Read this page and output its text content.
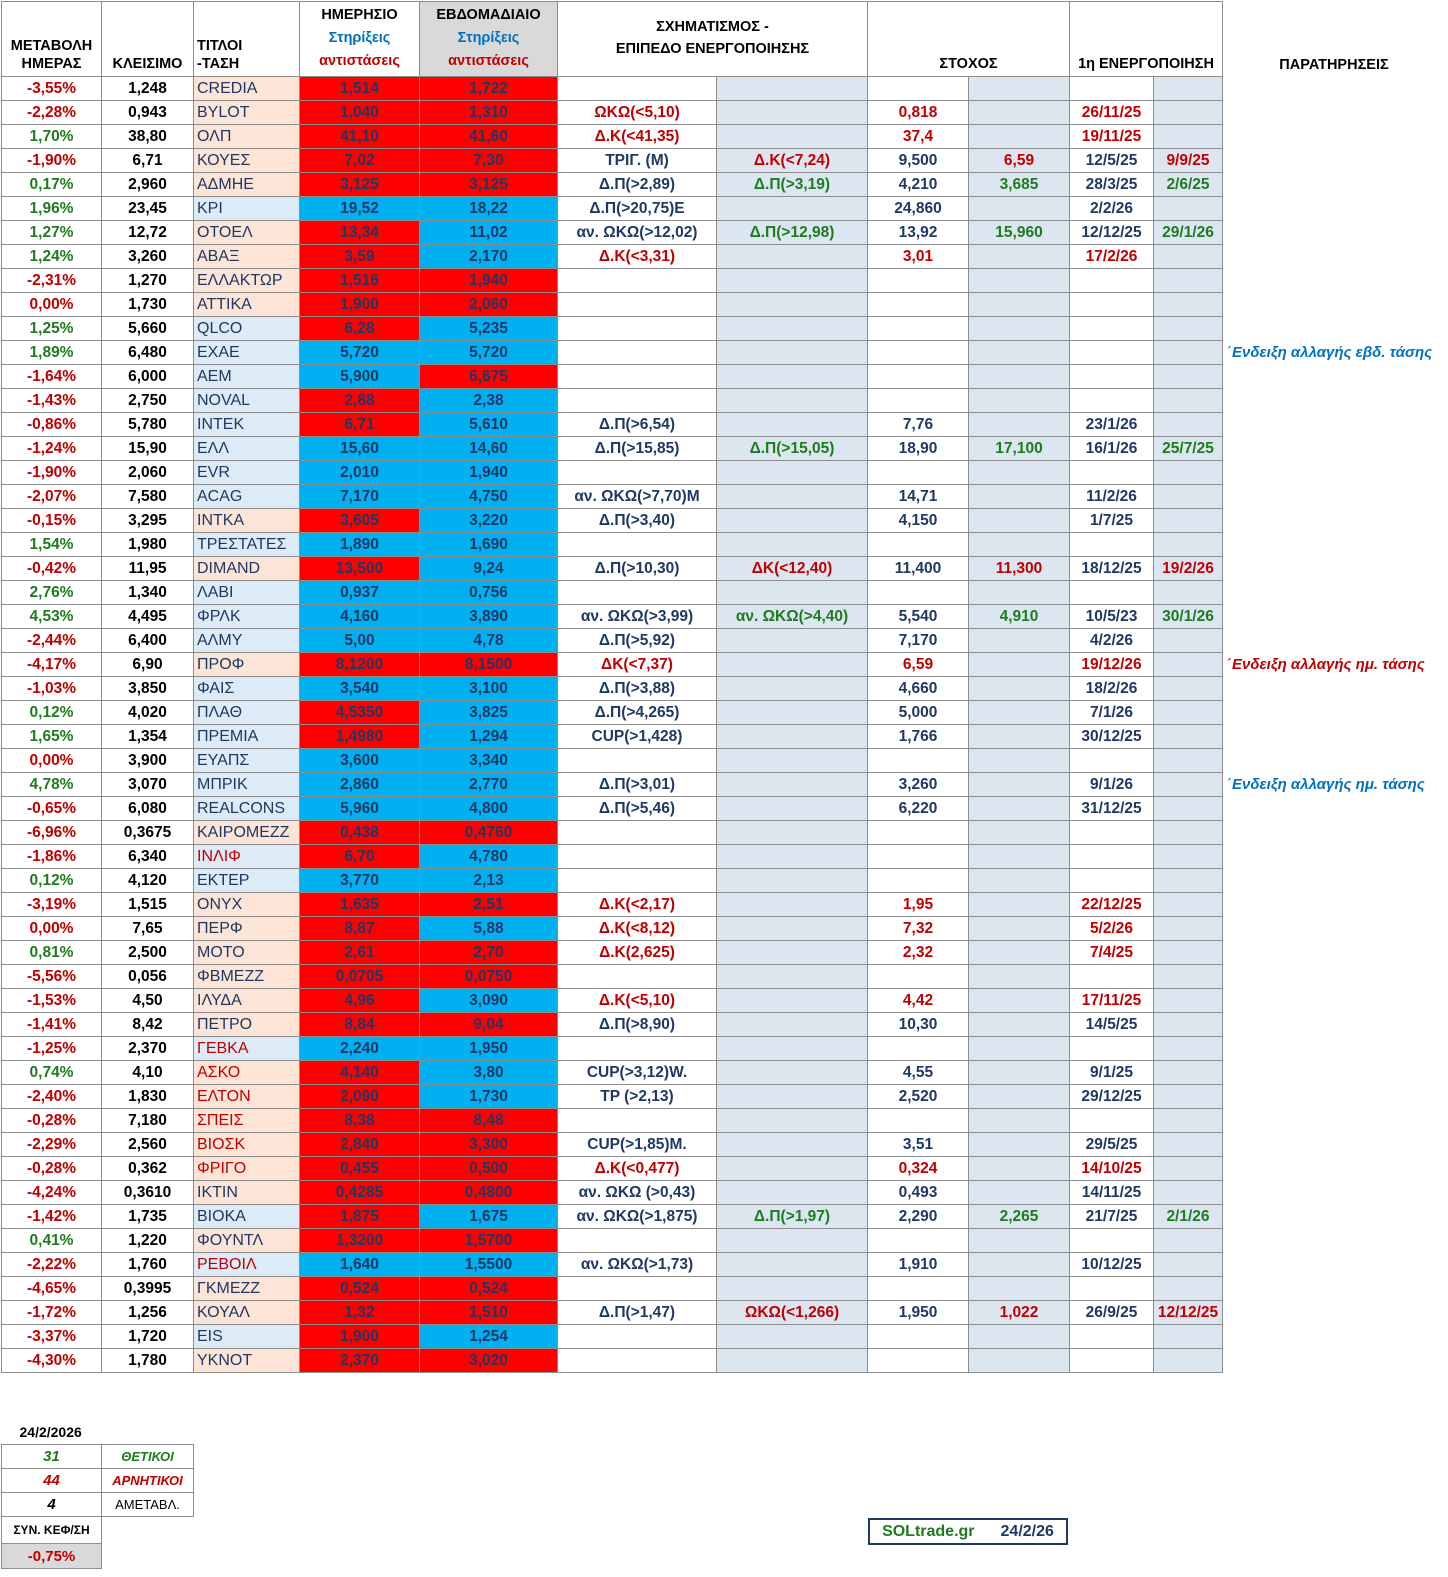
ΜΕΤΑΒΟΛΗ
ΗΜΕΡΑΣ	ΚΛΕΙΣΙΜΟ	ΤΙΤΛΟΙ
-ΤΑΣΗ	ΗΜΕΡΗΣΙΟ
Στηρίξεις
αντιστάσεις	ΕΒΔΟΜΑΔΙΑΙΟ
Στηρίξεις
αντιστάσεις	ΣΧΗΜΑΤΙΣΜΟΣ -
ΕΠΙΠΕΔΟ ΕΝΕΡΓΟΠΟΙΗΣΗΣ		ΣΤΟΧΟΣ		1η ΕΝΕΡΓΟΠΟΙΗΣΗ		ΠΑΡΑΤΗΡΗΣΕΙΣ

-3,55%	1,248	CREDIA	1,514	1,722							
-2,28%	0,943	BYLOT	1,040	1,310	ΩΚΩ(<5,10)		0,818		26/11/25		
1,70%	38,80	ΟΛΠ	41,10	41,60	Δ.Κ(<41,35)		37,4		19/11/25		
-1,90%	6,71	ΚΟΥΕΣ	7,02	7,30	ΤΡΙΓ. (M)	Δ.Κ(<7,24)	9,500	6,59	12/5/25	9/9/25	
0,17%	2,960	ΑΔΜΗΕ	3,125	3,125	Δ.Π(>2,89)	Δ.Π(>3,19)	4,210	3,685	28/3/25	2/6/25	
1,96%	23,45	ΚΡΙ	19,52	18,22	Δ.Π(>20,75)Ε		24,860		2/2/26		
1,27%	12,72	ΟΤΟΕΛ	13,34	11,02	αν. ΩΚΩ(>12,02)	Δ.Π(>12,98)	13,92	15,960	12/12/25	29/1/26	
1,24%	3,260	ΑΒΑΞ	3,59	2,170	Δ.Κ(<3,31)		3,01		17/2/26		
-2,31%	1,270	ΕΛΛΑΚΤΩΡ	1,516	1,940							
0,00%	1,730	ATTIKA	1,900	2,060							
1,25%	5,660	QLCO	6,28	5,235							
1,89%	6,480	ΕΧΑΕ	5,720	5,720							΄Ενδειξη αλλαγής εβδ. τάσης
-1,64%	6,000	ΑΕΜ	5,900	6,675							
-1,43%	2,750	NOVAL	2,88	2,38							
-0,86%	5,780	INTEK	6,71	5,610	Δ.Π(>6,54)		7,76		23/1/26		
-1,24%	15,90	ΕΛΛ	15,60	14,60	Δ.Π(>15,85)	Δ.Π(>15,05)	18,90	17,100	16/1/26	25/7/25	
-1,90%	2,060	EVR	2,010	1,940							
-2,07%	7,580	ACAG	7,170	4,750	αν. ΩΚΩ(>7,70)M		14,71		11/2/26		
-0,15%	3,295	ΙΝΤΚΑ	3,605	3,220	Δ.Π(>3,40)		4,150		1/7/25		
1,54%	1,980	ΤΡΕΣΤΑΤΕΣ	1,890	1,690							
-0,42%	11,95	DIMAND	13,500	9,24	Δ.Π(>10,30)	ΔΚ(<12,40)	11,400	11,300	18/12/25	19/2/26	
2,76%	1,340	ΛΑΒΙ	0,937	0,756							
4,53%	4,495	ΦΡΛΚ	4,160	3,890	αν. ΩΚΩ(>3,99)	αν. ΩΚΩ(>4,40)	5,540	4,910	10/5/23	30/1/26	
-2,44%	6,400	ΑΛΜΥ	5,00	4,78	Δ.Π(>5,92)		7,170		4/2/26		
-4,17%	6,90	ΠΡΟΦ	8,1200	8,1500	ΔΚ(<7,37)		6,59		19/12/26		΄Ενδειξη αλλαγής ημ. τάσης
-1,03%	3,850	ΦΑΙΣ	3,540	3,100	Δ.Π(>3,88)		4,660		18/2/26		
0,12%	4,020	ΠΛΑΘ	4,5350	3,825	Δ.Π(>4,265)		5,000		7/1/26		
1,65%	1,354	ΠΡΕΜΙΑ	1,4980	1,294	CUP(>1,428)		1,766		30/12/25		
0,00%	3,900	ΕΥΑΠΣ	3,600	3,340							
4,78%	3,070	ΜΠΡΙΚ	2,860	2,770	Δ.Π(>3,01)		3,260		9/1/26		΄Ενδειξη αλλαγής ημ. τάσης
-0,65%	6,080	REALCONS	5,960	4,800	Δ.Π(>5,46)		6,220		31/12/25		
-6,96%	0,3675	ΚΑΙΡΟΜΕΖΖ	0,438	0,4760							
-1,86%	6,340	ΙΝΛΙΦ	6,70	4,780							
0,12%	4,120	ΕΚΤΕΡ	3,770	2,13							
-3,19%	1,515	ΟΝΥΧ	1,635	2,51	Δ.Κ(<2,17)		1,95		22/12/25		
0,00%	7,65	ΠΕΡΦ	8,87	5,88	Δ.Κ(<8,12)		7,32		5/2/26		
0,81%	2,500	ΜΟΤΟ	2,61	2,70	Δ.Κ(2,625)		2,32		7/4/25		
-5,56%	0,056	ΦΒΜΕΖΖ	0,0705	0,0750							
-1,53%	4,50	ΙΛΥΔΑ	4,96	3,090	Δ.Κ(<5,10)		4,42		17/11/25		
-1,41%	8,42	ΠΕΤΡΟ	8,84	9,04	Δ.Π(>8,90)		10,30		14/5/25		
-1,25%	2,370	ΓΕΒΚΑ	2,240	1,950							
0,74%	4,10	ΑΣΚΟ	4,140	3,80	CUP(>3,12)W.		4,55		9/1/25		
-2,40%	1,830	ΕΛΤΟΝ	2,090	1,730	TP (>2,13)		2,520		29/12/25		
-0,28%	7,180	ΣΠΕΙΣ	8,38	8,48							
-2,29%	2,560	ΒΙΟΣΚ	2,840	3,300	CUP(>1,85)M.		3,51		29/5/25		
-0,28%	0,362	ΦΡΙΓΟ	0,455	0,500	Δ.Κ(<0,477)		0,324		14/10/25		
-4,24%	0,3610	ΙΚΤΙΝ	0,4285	0,4800	αν. ΩΚΩ (>0,43)		0,493		14/11/25		
-1,42%	1,735	ΒΙΟΚΑ	1,875	1,675	αν. ΩΚΩ(>1,875)	Δ.Π(>1,97)	2,290	2,265	21/7/25	2/1/26	
0,41%	1,220	ΦΟΥΝΤΛ	1,3200	1,5700							
-2,22%	1,760	ΡΕΒΟΙΛ	1,640	1,5500	αν. ΩΚΩ(>1,73)		1,910		10/12/25		
-4,65%	0,3995	ΓΚΜΕΖΖ	0,524	0,524							
-1,72%	1,256	ΚΟΥΑΛ	1,32	1,510	Δ.Π(>1,47)	ΩΚΩ(<1,266)	1,950	1,022	26/9/25	12/12/25	
-3,37%	1,720	EIS	1,900	1,254							
-4,30%	1,780	ΥΚΝΟΤ	2,370	3,020							
24/2/2026	
31	ΘΕΤΙΚΟΙ
44	ΑΡΝΗΤΙΚΟΙ
4	ΑΜΕΤΑΒΛ.
ΣΥΝ. ΚΕΦ/ΣΗ	
-0,75%	
SOLtrade.gr 24/2/26
